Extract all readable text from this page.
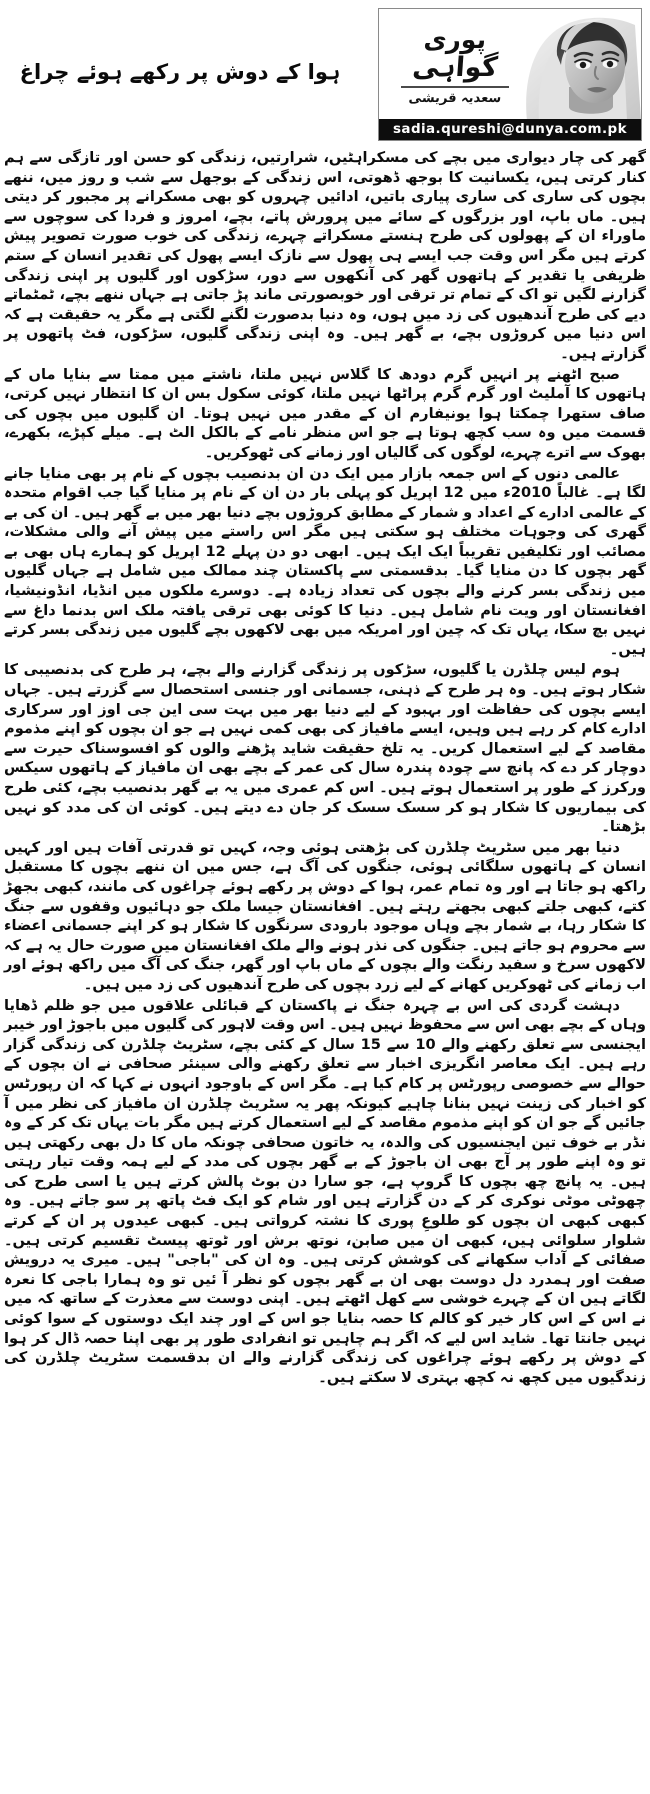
پوری
گواہی
سعدیہ قریشی
sadia.qureshi@dunya.com.pk
ہوا کے دوش پر رکھے ہوئے چراغ

گھر کی چار دیواری میں بچے کی مسکراہٹیں، شرارتیں، زندگی کو حسن اور تازگی سے ہم کنار کرتی ہیں، یکسانیت کا بوجھ ڈھوتی، اس زندگی کے بوجھل سے شب و روز میں، ننھے بچوں کی ساری کی ساری پیاری باتیں، ادائیں چہروں کو بھی مسکرانے پر مجبور کر دیتی ہیں۔ ماں باپ، اور بزرگوں کے سائے میں پرورش پاتے، بچے، امروز و فردا کی سوچوں سے ماوراء ان کے پھولوں کی طرح ہنستے مسکراتے چہرے، زندگی کی خوب صورت تصویر پیش کرتے ہیں مگر اس وقت جب ایسے ہی پھول سے نازک ایسے پھول کی تقدیر انسان کے ستم ظریفی یا تقدیر کے ہاتھوں گھر کی آنکھوں سے دور، سڑکوں اور گلیوں پر اپنی زندگی گزارنے لگیں تو اک کے تمام تر ترقی اور خوبصورتی ماند پڑ جاتی ہے جہاں ننھے بچے، ٹمٹماتے دیے کی طرح آندھیوں کی زد میں ہوں، وہ دنیا بدصورت لگنے لگتی ہے مگر یہ حقیقت ہے کہ اس دنیا میں کروڑوں بچے، بے گھر ہیں۔ وہ اپنی زندگی گلیوں، سڑکوں، فٹ پاتھوں پر گزارتے ہیں۔

صبح اٹھنے پر انہیں گرم دودھ کا گلاس نہیں ملتا، ناشتے میں ممتا سے بنایا ماں کے ہاتھوں کا آملیٹ اور گرم گرم پراٹھا نہیں ملتا، کوئی سکول بس ان کا انتظار نہیں کرتی، صاف ستھرا چمکتا ہوا یونیفارم ان کے مقدر میں نہیں ہوتا۔ ان گلیوں میں بچوں کی قسمت میں وہ سب کچھ ہوتا ہے جو اس منظر نامے کے بالکل الٹ ہے۔ میلے کپڑے، بکھرے، بھوک سے اترے چہرے، لوگوں کی گالیاں اور زمانے کی ٹھوکریں۔

عالمی دنوں کے اس جمعہ بازار میں ایک دن ان بدنصیب بچوں کے نام پر بھی منایا جانے لگا ہے۔ غالباً 2010ء میں 12 اپریل کو پہلی بار دن ان کے نام پر منایا گیا جب اقوام متحدہ کے عالمی ادارے کے اعداد و شمار کے مطابق کروڑوں بچے دنیا بھر میں بے گھر ہیں۔ ان کی بے گھری کی وجوہات مختلف ہو سکتی ہیں مگر اس راستے میں پیش آنے والی مشکلات، مصائب اور تکلیفیں تقریباً ایک ایک ہیں۔ ابھی دو دن پہلے 12 اپریل کو ہمارے ہاں بھی بے گھر بچوں کا دن منایا گیا۔ بدقسمتی سے پاکستان چند ممالک میں شامل ہے جہاں گلیوں میں زندگی بسر کرنے والے بچوں کی تعداد زیادہ ہے۔ دوسرے ملکوں میں انڈیا، انڈونیشیا، افغانستان اور ویت نام شامل ہیں۔ دنیا کا کوئی بھی ترقی یافتہ ملک اس بدنما داغ سے نہیں بچ سکا، یہاں تک کہ چین اور امریکہ میں بھی لاکھوں بچے گلیوں میں زندگی بسر کرتے ہیں۔

ہوم لیس چلڈرن یا گلیوں، سڑکوں پر زندگی گزارنے والے بچے، ہر طرح کی بدنصیبی کا شکار ہوتے ہیں۔ وہ ہر طرح کے ذہنی، جسمانی اور جنسی استحصال سے گزرتے ہیں۔ جہاں ایسے بچوں کی حفاظت اور بہبود کے لیے دنیا بھر میں بہت سی این جی اوز اور سرکاری ادارے کام کر رہے ہیں وہیں، ایسے مافیاز کی بھی کمی نہیں ہے جو ان بچوں کو اپنے مذموم مقاصد کے لیے استعمال کریں۔ یہ تلخ حقیقت شاید پڑھنے والوں کو افسوسناک حیرت سے دوچار کر دے کہ پانچ سے چودہ پندرہ سال کی عمر کے بچے بھی ان مافیاز کے ہاتھوں سیکس ورکرز کے طور پر استعمال ہوتے ہیں۔ اس کم عمری میں یہ بے گھر بدنصیب بچے، کئی طرح کی بیماریوں کا شکار ہو کر سسک سسک کر جان دے دیتے ہیں۔ کوئی ان کی مدد کو نہیں بڑھتا۔

دنیا بھر میں سٹریٹ چلڈرن کی بڑھتی ہوئی وجہ، کہیں تو قدرتی آفات ہیں اور کہیں انسان کے ہاتھوں سلگائی ہوئی، جنگوں کی آگ ہے، جس میں ان ننھے بچوں کا مستقبل راکھ ہو جاتا ہے اور وہ تمام عمر، ہوا کے دوش پر رکھے ہوئے چراغوں کی مانند، کبھی بجھڑ کتے، کبھی جلتے کبھی بجھتے رہتے ہیں۔ افغانستان جیسا ملک جو دہائیوں وقفوں سے جنگ کا شکار رہا، بے شمار بچے وہاں موجود بارودی سرنگوں کا شکار ہو کر اپنے جسمانی اعضاء سے محروم ہو جاتے ہیں۔ جنگوں کی نذر ہونے والے ملک افغانستان میں صورت حال یہ ہے کہ لاکھوں سرخ و سفید رنگت والے بچوں کے ماں باپ اور گھر، جنگ کی آگ میں راکھ ہوئے اور اب زمانے کی ٹھوکریں کھانے کے لیے زرد بچوں کی طرح آندھیوں کی زد میں ہیں۔

دہشت گردی کی اس بے چہرہ جنگ نے پاکستان کے قبائلی علاقوں میں جو ظلم ڈھایا وہاں کے بچے بھی اس سے محفوظ نہیں ہیں۔ اس وقت لاہور کی گلیوں میں باجوڑ اور خیبر ایجنسی سے تعلق رکھنے والے 10 سے 15 سال کے کئی بچے، سٹریٹ چلڈرن کی زندگی گزار رہے ہیں۔ ایک معاصر انگریزی اخبار سے تعلق رکھنے والی سینئر صحافی نے ان بچوں کے حوالے سے خصوصی رپورٹس پر کام کیا ہے۔ مگر اس کے باوجود انہوں نے کہا کہ ان رپورٹس کو اخبار کی زینت نہیں بنانا چاہیے کیونکہ پھر یہ سٹریٹ چلڈرن ان مافیاز کی نظر میں آ جائیں گے جو ان کو اپنے مذموم مقاصد کے لیے استعمال کرتے ہیں مگر بات یہاں تک کر کے وہ نڈر بے خوف تین ایجنسیوں کی والدہ، یہ خاتون صحافی چونکہ ماں کا دل بھی رکھتی ہیں تو وہ اپنے طور پر آج بھی ان باجوڑ کے بے گھر بچوں کی مدد کے لیے ہمہ وقت تیار رہتی ہیں۔ یہ پانچ چھ بچوں کا گروپ ہے، جو سارا دن بوٹ پالش کرتے ہیں یا اسی طرح کی چھوٹی موٹی نوکری کر کے دن گزارتے ہیں اور شام کو ایک فٹ پاتھ پر سو جاتے ہیں۔ وہ کبھی کبھی ان بچوں کو طلوعِ پوری کا نشتہ کرواتی ہیں۔ کبھی عیدوں پر ان کے کرتے شلوار سلوائی ہیں، کبھی ان میں صابن، نوتھ برش اور ٹوتھ پیسٹ تقسیم کرتی ہیں۔ صفائی کے آداب سکھانے کی کوشش کرتی ہیں۔ وہ ان کی "باجی" ہیں۔ میری یہ درویش صفت اور ہمدرد دل دوست بھی ان بے گھر بچوں کو نظر آ ئیں تو وہ ہمارا باجی کا نعرہ لگاتے ہیں ان کے چہرے خوشی سے کھل اٹھتے ہیں۔ اپنی دوست سے معذرت کے ساتھ کہ میں نے اس کے اس کار خیر کو کالم کا حصہ بنایا جو اس کے اور چند ایک دوستوں کے سوا کوئی نہیں جانتا تھا۔ شاید اس لیے کہ اگر ہم چاہیں تو انفرادی طور پر بھی اپنا حصہ ڈال کر ہوا کے دوش پر رکھے ہوئے چراغوں کی زندگی گزارنے والے ان بدقسمت سٹریٹ چلڈرن کی زندگیوں میں کچھ نہ کچھ بہتری لا سکتے ہیں۔
